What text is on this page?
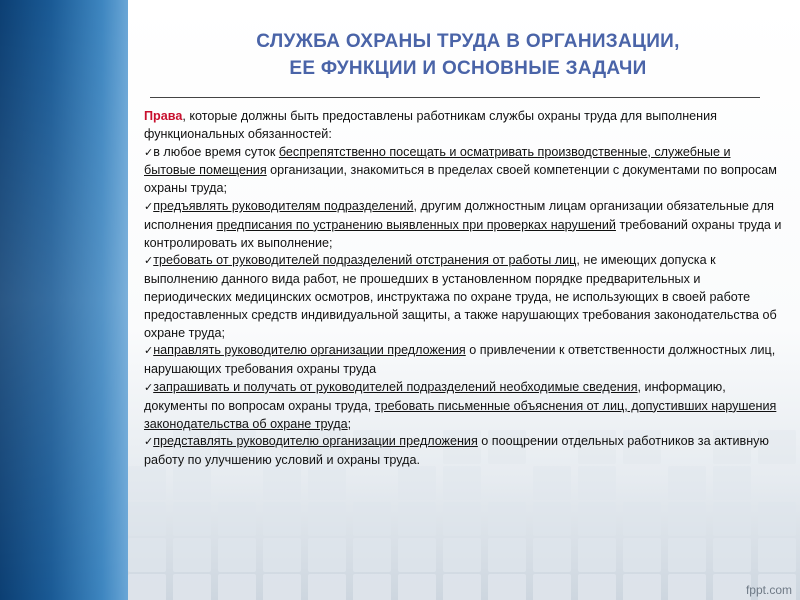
СЛУЖБА ОХРАНЫ ТРУДА В ОРГАНИЗАЦИИ,
ЕЕ ФУНКЦИИ И ОСНОВНЫЕ ЗАДАЧИ

Права, которые должны быть предоставлены работникам службы охраны труда для выполнения функциональных обязанностей:

✓в любое время суток беспрепятственно посещать и осматривать производственные, служебные и бытовые помещения организации, знакомиться в пределах своей компетенции с документами по вопросам охраны труда;

✓предъявлять руководителям подразделений, другим должностным лицам организации обязательные для исполнения предписания по устранению выявленных при проверках нарушений требований охраны труда и контролировать их выполнение;

✓требовать от руководителей подразделений отстранения от работы лиц, не имеющих допуска к выполнению данного вида работ, не прошедших в установленном порядке предварительных и периодических медицинских осмотров, инструктажа по охране труда, не использующих в своей работе предоставленных средств индивидуальной защиты, а также нарушающих требования законодательства об охране труда;

✓направлять руководителю организации предложения о привлечении к ответственности должностных лиц, нарушающих требования охраны труда

✓запрашивать и получать от руководителей подразделений необходимые сведения, информацию, документы по вопросам охраны труда, требовать письменные объяснения от лиц, допустивших нарушения законодательства об охране труда;

✓представлять руководителю организации предложения о поощрении отдельных работников за активную работу по улучшению условий и охраны труда.

fppt.com
